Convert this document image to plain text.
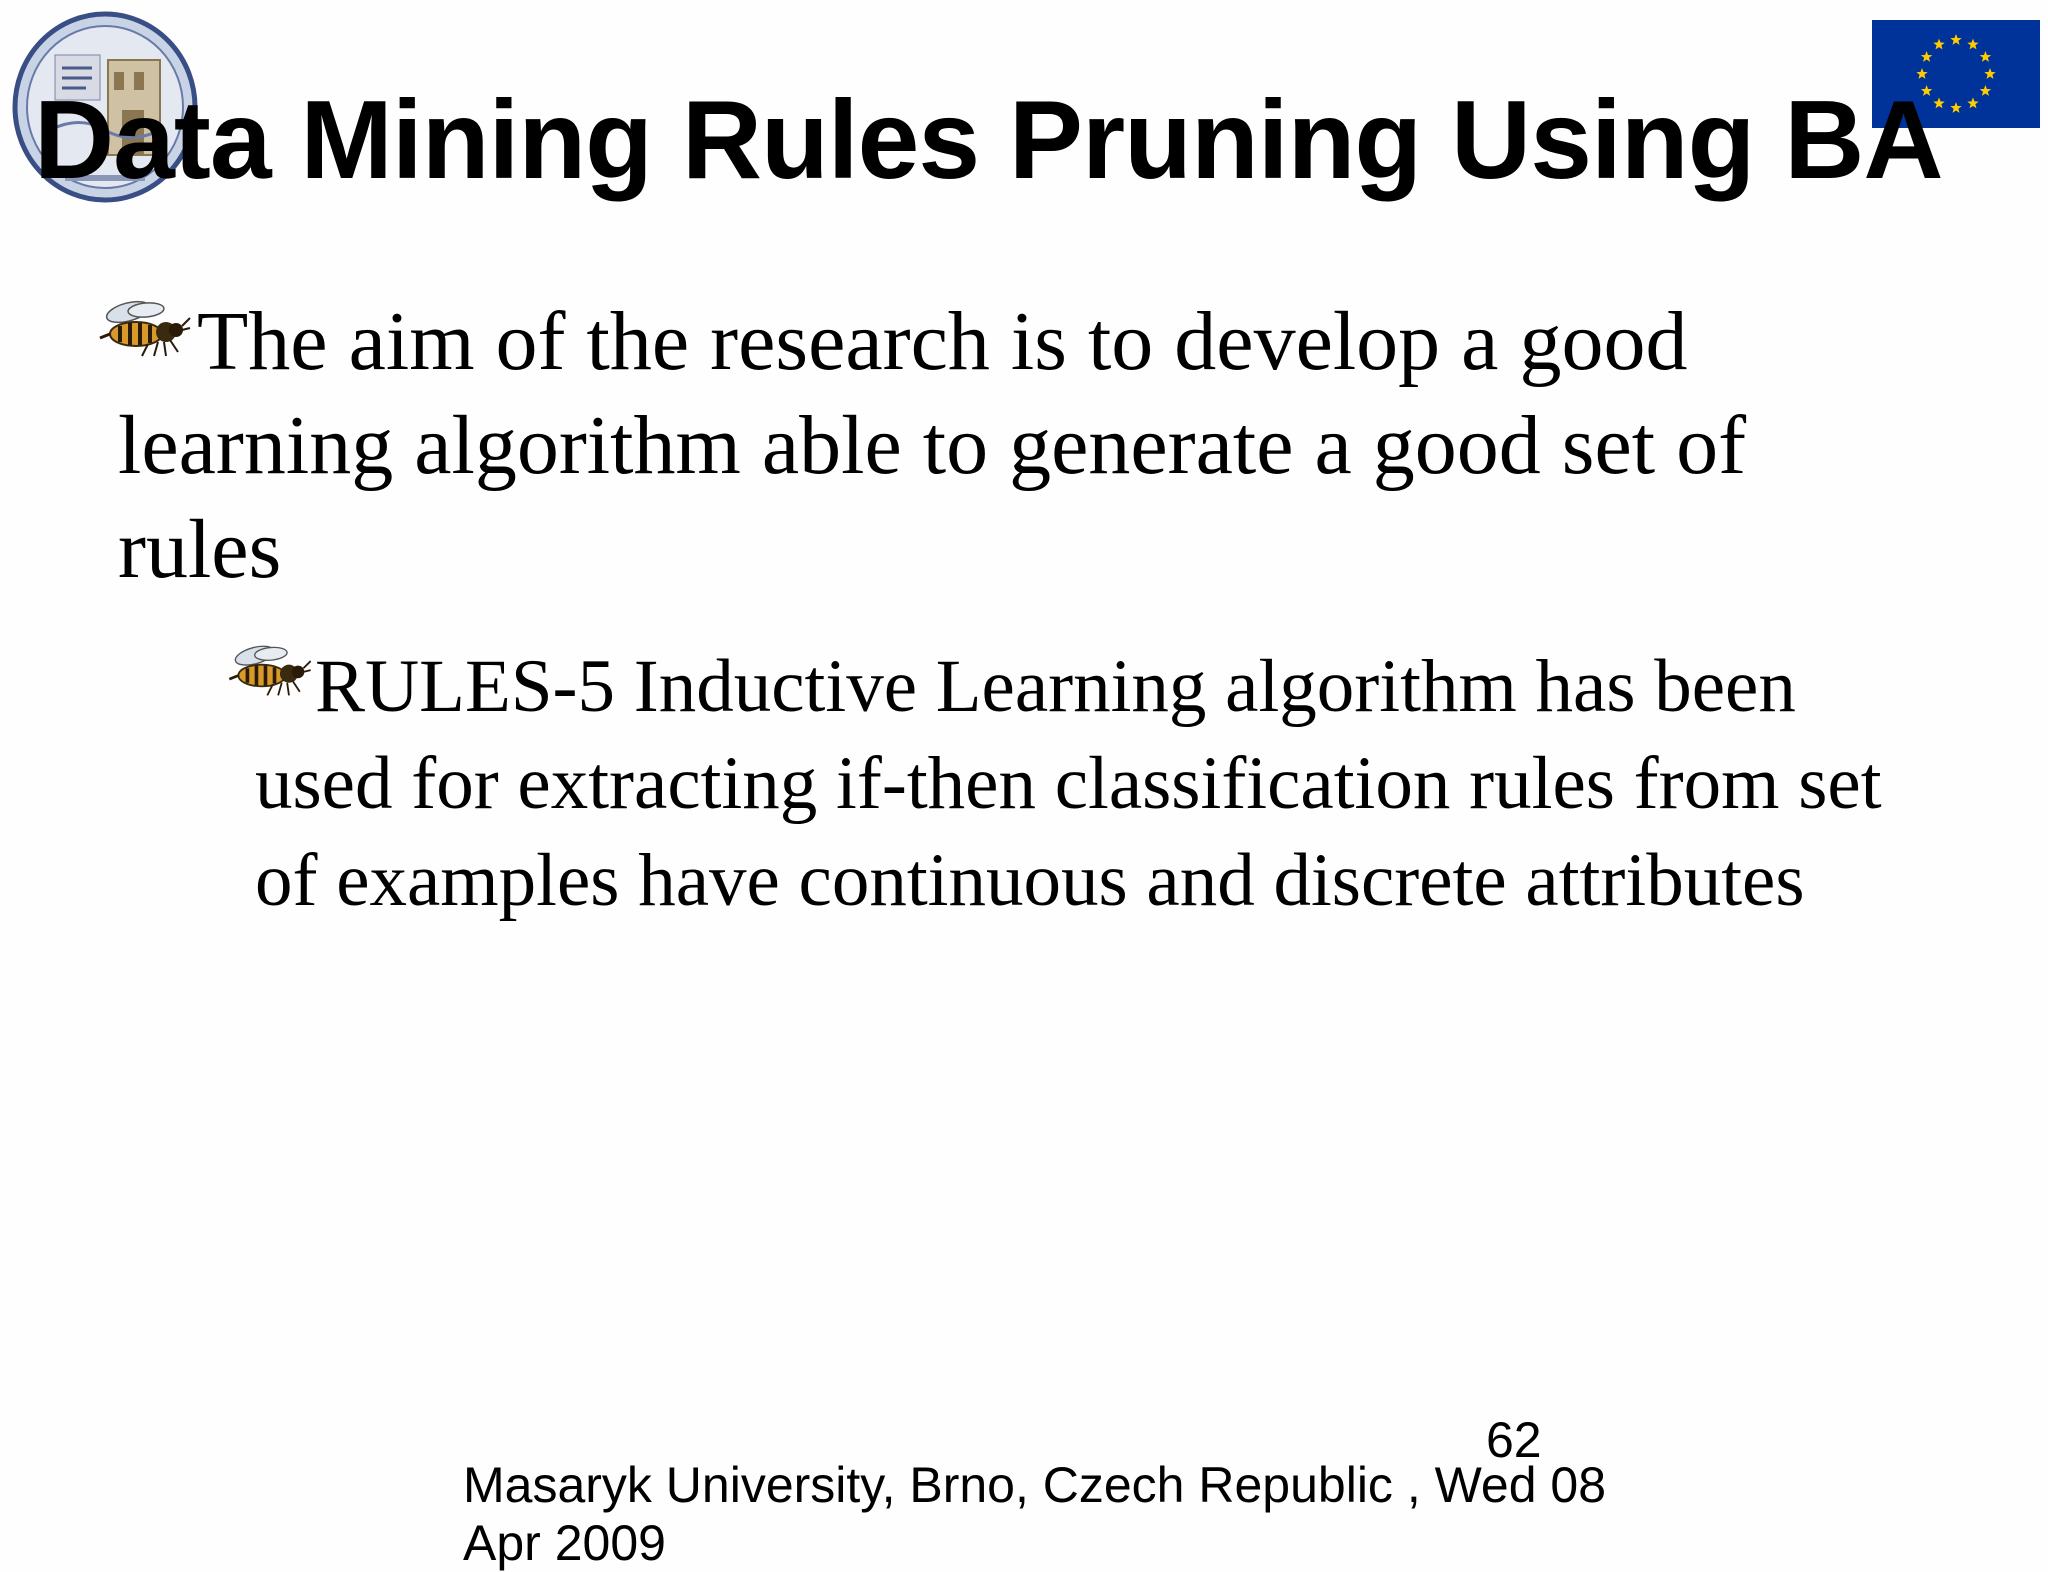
Data Mining Rules Pruning Using BA

The aim of the research is to develop a good learning algorithm able to generate a good set of rules

RULES-5 Inductive Learning algorithm has been used for extracting if-then classification rules from set of examples have continuous and discrete attributes

62
Masaryk University, Brno, Czech Republic , Wed 08 Apr 2009
